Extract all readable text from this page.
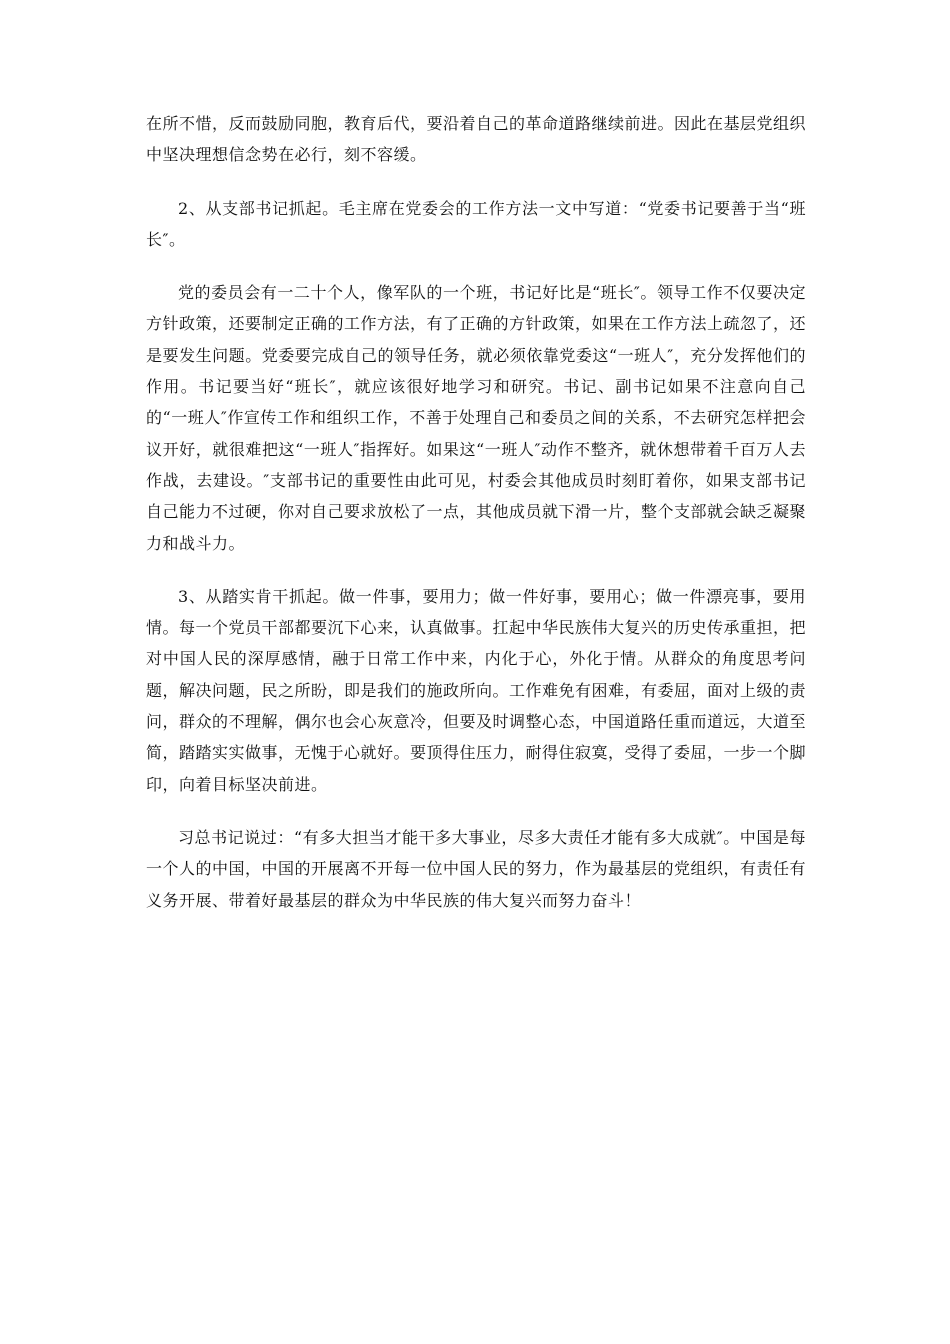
在所不惜，反而鼓励同胞，教育后代，要沿着自己的革命道路继续前进。因此在基层党组织中坚决理想信念势在必行，刻不容缓。

2、从支部书记抓起。毛主席在党委会的工作方法一文中写道：“党委书记要善于当“班长″。

党的委员会有一二十个人，像军队的一个班，书记好比是“班长″。领导工作不仅要决定方针政策，还要制定正确的工作方法，有了正确的方针政策，如果在工作方法上疏忽了，还是要发生问题。党委要完成自己的领导任务，就必须依靠党委这“一班人″，充分发挥他们的作用。书记要当好“班长″，就应该很好地学习和研究。书记、副书记如果不注意向自己的“一班人″作宣传工作和组织工作，不善于处理自己和委员之间的关系，不去研究怎样把会议开好，就很难把这“一班人″指挥好。如果这“一班人″动作不整齐，就休想带着千百万人去作战，去建设。″支部书记的重要性由此可见，村委会其他成员时刻盯着你，如果支部书记自己能力不过硬，你对自己要求放松了一点，其他成员就下滑一片，整个支部就会缺乏凝聚力和战斗力。

3、从踏实肯干抓起。做一件事，要用力；做一件好事，要用心；做一件漂亮事，要用情。每一个党员干部都要沉下心来，认真做事。扛起中华民族伟大复兴的历史传承重担，把对中国人民的深厚感情，融于日常工作中来，内化于心，外化于情。从群众的角度思考问题，解决问题，民之所盼，即是我们的施政所向。工作难免有困难，有委屈，面对上级的责问，群众的不理解，偶尔也会心灰意冷，但要及时调整心态，中国道路任重而道远，大道至简，踏踏实实做事，无愧于心就好。要顶得住压力，耐得住寂寞，受得了委屈，一步一个脚印，向着目标坚决前进。

习总书记说过：“有多大担当才能干多大事业，尽多大责任才能有多大成就″。中国是每一个人的中国，中国的开展离不开每一位中国人民的努力，作为最基层的党组织，有责任有义务开展、带着好最基层的群众为中华民族的伟大复兴而努力奋斗！
